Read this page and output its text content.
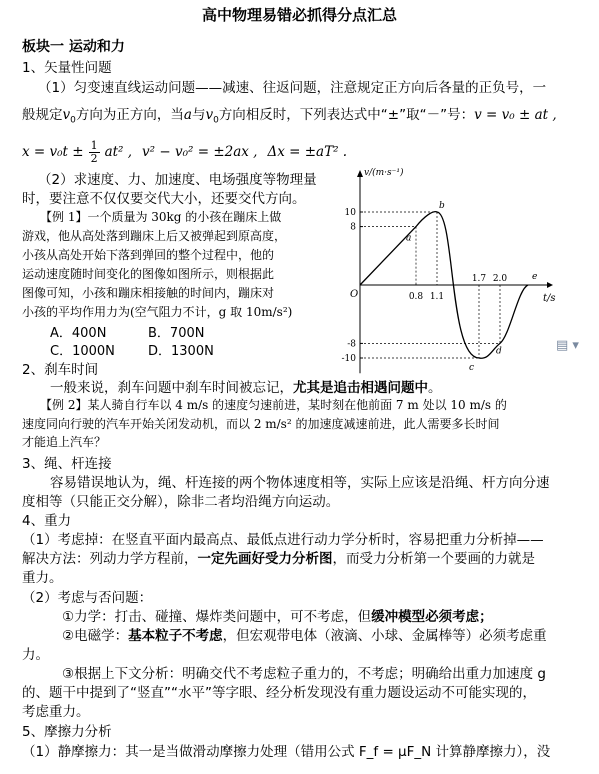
高中物理易错必抓得分点汇总
板块一 运动和力
1、矢量性问题
（1）匀变速直线运动问题——减速、往返问题，注意规定正方向后各量的正负号，一
般规定$v_0$方向为正方向，当a与$v_0$方向相反时，下列表达式中“±”取“－”号：v = v₀ ± at ,
$x = v_0t \pm \frac{1}{2} at^2$ , v² − v₀² = ±2ax , Δx = ±aT² .
（2）求速度、力、加速度、电场强度等物理量
时，要注意不仅仅要交代大小，还要交代方向。
【例 1】一个质量为 30kg 的小孩在蹦床上做
游戏，他从高处落到蹦床上后又被弹起到原高度，
小孩从高处开始下落到弹回的整个过程中，他的
运动速度随时间变化的图像如图所示，则根据此
图像可知，小孩和蹦床相接触的时间内，蹦床对
小孩的平均作用力为(空气阻力不计，g 取 10m/s²)
A．400N	B．700N
C．1000N	D．1300N
v/(m·s⁻¹)
t/s
O
10
8
-8
-10
0.8 1.1
1.7 2.0
a
b
c
d
e
▤ ▾
2、刹车时间
一般来说，刹车问题中刹车时间被忘记，尤其是追击相遇问题中。
【例 2】某人骑自行车以 4 m/s 的速度匀速前进，某时刻在他前面 7 m 处以 10 m/s 的
速度同向行驶的汽车开始关闭发动机，而以 2 m/s² 的加速度减速前进，此人需要多长时间
才能追上汽车？
3、绳、杆连接
容易错误地认为，绳、杆连接的两个物体速度相等，实际上应该是沿绳、杆方向分速
度相等（只能正交分解），除非二者均沿绳方向运动。
4、重力
（1）考虑掉：在竖直平面内最高点、最低点进行动力学分析时，容易把重力分析掉——
解决方法：列动力学方程前，一定先画好受力分析图，而受力分析第一个要画的力就是
重力。
（2）考虑与否问题：
①力学：打击、碰撞、爆炸类问题中，可不考虑，但缓冲模型必须考虑；
②电磁学：基本粒子不考虑，但宏观带电体（液滴、小球、金属棒等）必须考虑重
力。
③根据上下文分析：明确交代不考虑粒子重力的，不考虑；明确给出重力加速度 g
的、题干中提到了“竖直”“水平”等字眼、经分析发现没有重力题设运动不可能实现的，
考虑重力。
5、摩擦力分析
（1）静摩擦力：其一是当做滑动摩擦力处理（错用公式 F_f = μF_N 计算静摩擦力），没
